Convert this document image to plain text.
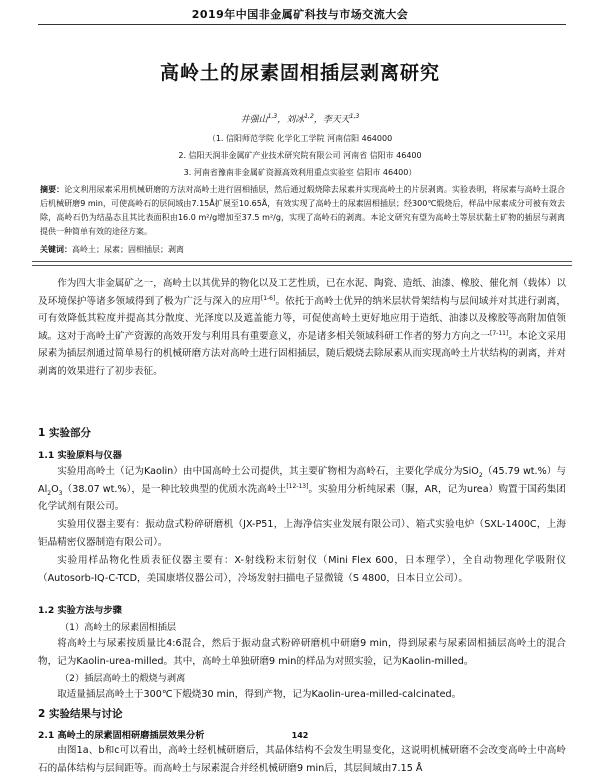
2019年中国非金属矿科技与市场交流大会
高岭土的尿素固相插层剥离研究
井强山$^{1,3}$，刘冰$^{1,2}$，李天天$^{1,3}$
（1. 信阳师范学院 化学化工学院 河南信阳 464000
2. 信阳天润非金属矿产业技术研究院有限公司 河南省 信阳市 46400
3. 河南省豫南非金属矿资源高效利用重点实验室 信阳市 46400）
摘要：论文利用尿素采用机械研磨的方法对高岭土进行固相插层，然后通过煅烧除去尿素并实现高岭土的片层剥离。实验表明，将尿素与高岭土混合后机械研磨9 min，可使高岭石的层间域由7.15Å扩展至10.65Å，有效实现了高岭土的尿素固相插层；经300℃煅烧后，样品中尿素成分可被有效去除，高岭石仍为结晶态且其比表面积由16.0 m²/g增加至37.5 m²/g，实现了高岭石的剥离。本论文研究有望为高岭土等层状黏土矿物的插层与剥离提供一种简单有效的途径方案。
关键词：高岭土；尿素；固相插层；剥离
作为四大非金属矿之一，高岭土以其优异的物化以及工艺性质，已在水泥、陶瓷、造纸、油漆、橡胶、催化剂（载体）以及环境保护等诸多领域得到了极为广泛与深入的应用[1-6]。依托于高岭土优异的纳米层状骨架结构与层间域并对其进行剥离，可有效降低其粒度并提高其分散度、光泽度以及遮盖能力等，可促使高岭土更好地应用于造纸、油漆以及橡胶等高附加值领域。这对于高岭土矿产资源的高效开发与利用具有重要意义，亦是诸多相关领域科研工作者的努力方向之一[7-11]。本论文采用尿素为插层剂通过简单易行的机械研磨方法对高岭土进行固相插层，随后煅烧去除尿素从而实现高岭土片状结构的剥离，并对剥离的效果进行了初步表征。
1 实验部分
1.1 实验原料与仪器
实验用高岭土（记为Kaolin）由中国高岭土公司提供，其主要矿物相为高岭石，主要化学成分为SiO$_2$（45.79 wt.%）与$Al_2O_3(38.07$ wt.%），是一种比较典型的优质水洗高岭土[12-13]。实验用分析纯尿素（脲，AR，记为urea）购置于国药集团化学试剂有限公司。
实验用仪器主要有：振动盘式粉碎研磨机（JX-P51，上海净信实业发展有限公司）、箱式实验电炉（SXL-1400C，上海钜晶精密仪器制造有限公司）。
实验用样品物化性质表征仪器主要有：X-射线粉末衍射仪（Mini Flex 600，日本理学），全自动物理化学吸附仪（Autosorb-IQ-C-TCD，美国康塔仪器公司），冷场发射扫描电子显微镜（S 4800，日本日立公司）。
1.2 实验方法与步骤
（1）高岭土的尿素固相插层
将高岭土与尿素按质量比4:6混合，然后于振动盘式粉碎研磨机中研磨9 min，得到尿素与尿素固相插层高岭土的混合物，记为Kaolin-urea-milled。其中，高岭土单独研磨9 min的样品为对照实验，记为Kaolin-milled。
（2）插层高岭土的煅烧与剥离
取适量插层高岭土于300℃下煅烧30 min，得到产物，记为Kaolin-urea-milled-calcinated。
2 实验结果与讨论
2.1 高岭土的尿素固相研磨插层效果分析
由图1a、b和c可以看出，高岭土经机械研磨后，其晶体结构不会发生明显变化，这说明机械研磨不会改变高岭土中高岭石的晶体结构与层间距等。而高岭土与尿素混合并经机械研磨9 min后，其层间域由7.15 Å
142
